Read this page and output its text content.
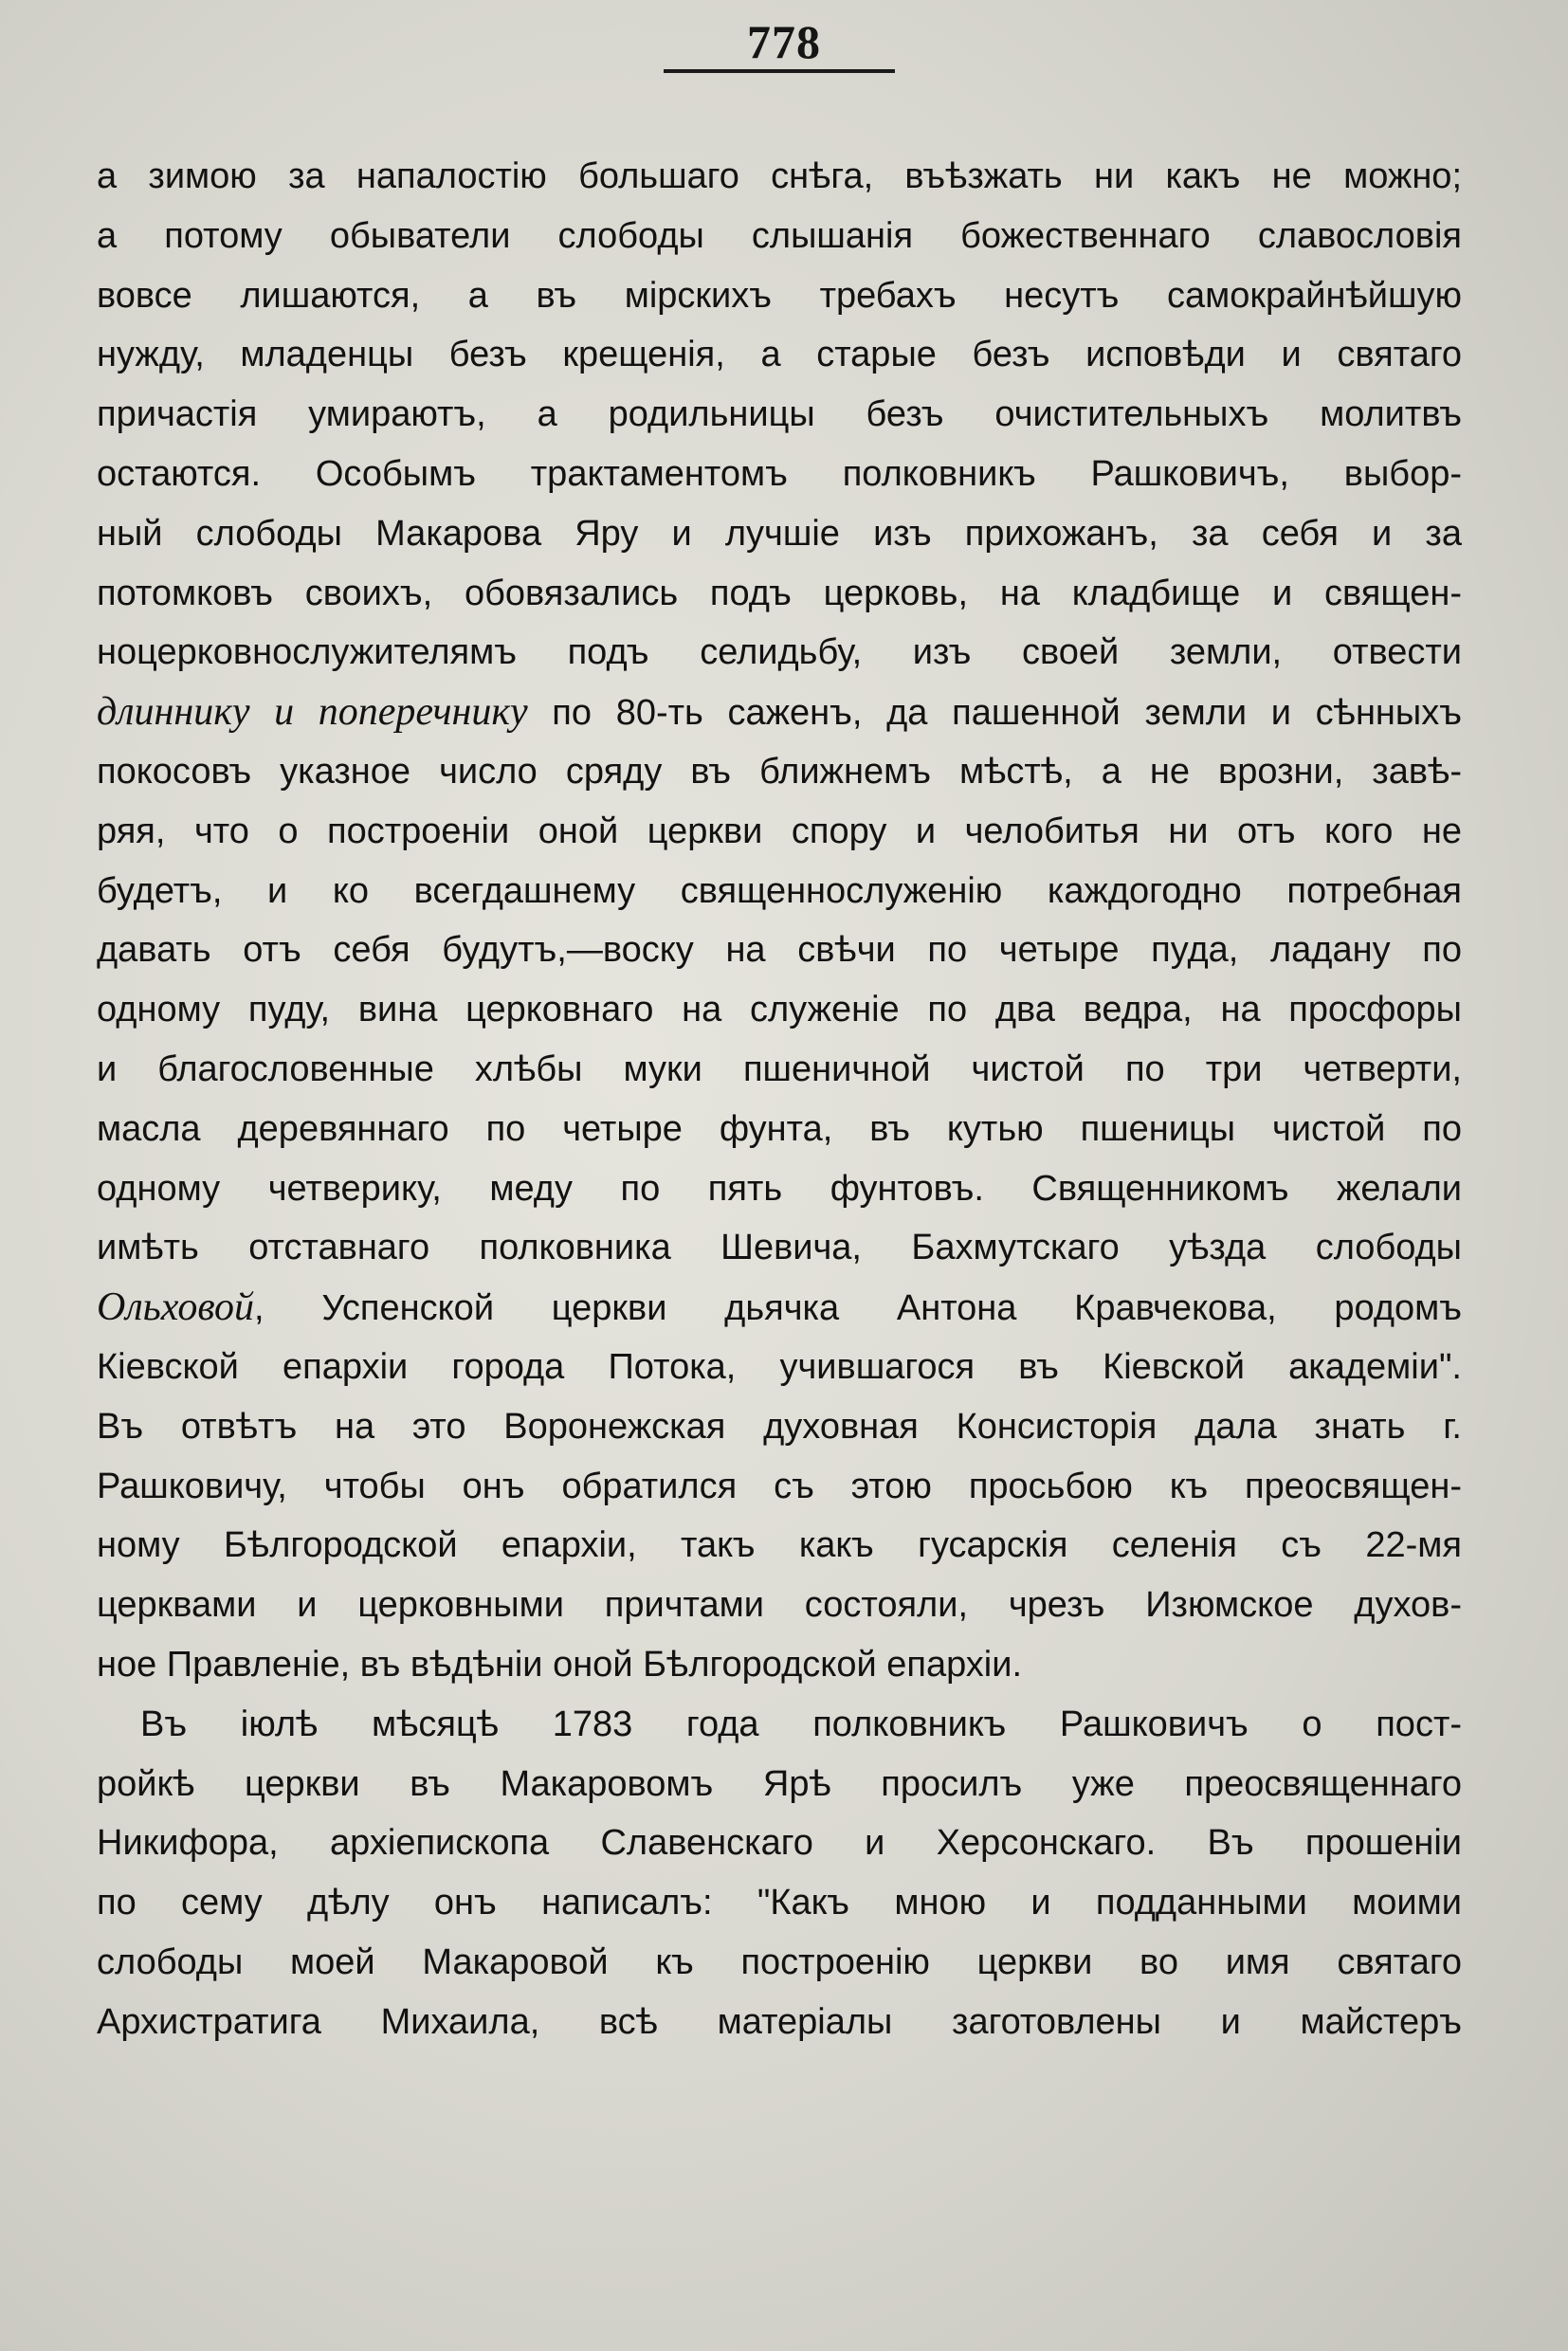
778
а зимою за напалостію большаго снѣга, въѣзжать ни какъ не можно;
а потому обыватели слободы слышанія божественнаго славословія
вовсе лишаются, а въ мірскихъ требахъ несутъ самокрайнѣйшую
нужду, младенцы безъ крещенія, а старые безъ исповѣди и святаго
причастія умираютъ, а родильницы безъ очистительныхъ молитвъ
остаются. Особымъ трактаментомъ полковникъ Рашковичъ, выбор-
ный слободы Макарова Яру и лучшіе изъ прихожанъ, за себя и за
потомковъ своихъ, обовязались подъ церковь, на кладбище и священ-
ноцерковнослужителямъ подъ селидьбу, изъ своей земли, отвести
длиннику и поперечнику по 80-ть саженъ, да пашенной земли и сѣнныхъ
покосовъ указное число сряду въ ближнемъ мѣстѣ, а не врозни, завѣ-
ряя, что о построеніи оной церкви спору и челобитья ни отъ кого не
будетъ, и ко всегдашнему священнослуженію каждогодно потребная
давать отъ себя будутъ,—воску на свѣчи по четыре пуда, ладану по
одному пуду, вина церковнаго на служеніе по два ведра, на просфоры
и благословенные хлѣбы муки пшеничной чистой по три четверти,
масла деревяннаго по четыре фунта, въ кутью пшеницы чистой по
одному четверику, меду по пять фунтовъ. Священникомъ желали
имѣть отставнаго полковника Шевича, Бахмутскаго уѣзда слободы
Ольховой, Успенской церкви дьячка Антона Кравчекова, родомъ
Кіевской епархіи города Потока, учившагося въ Кіевской академіи".
Въ отвѣтъ на это Воронежская духовная Консисторія дала знать г.
Рашковичу, чтобы онъ обратился съ этою просьбою къ преосвящен-
ному Бѣлгородской епархіи, такъ какъ гусарскія селенія съ 22-мя
церквами и церковными причтами состояли, чрезъ Изюмское духов-
ное Правленіе, въ вѣдѣніи оной Бѣлгородской епархіи.
Въ іюлѣ мѣсяцѣ 1783 года полковникъ Рашковичъ о пост-
ройкѣ церкви въ Макаровомъ Ярѣ просилъ уже преосвященнаго
Никифора, архіепископа Славенскаго и Херсонскаго. Въ прошеніи
по сему дѣлу онъ написалъ: "Какъ мною и подданными моими
слободы моей Макаровой къ построенію церкви во имя святаго
Архистратига Михаила, всѣ матеріалы заготовлены и майстеръ
